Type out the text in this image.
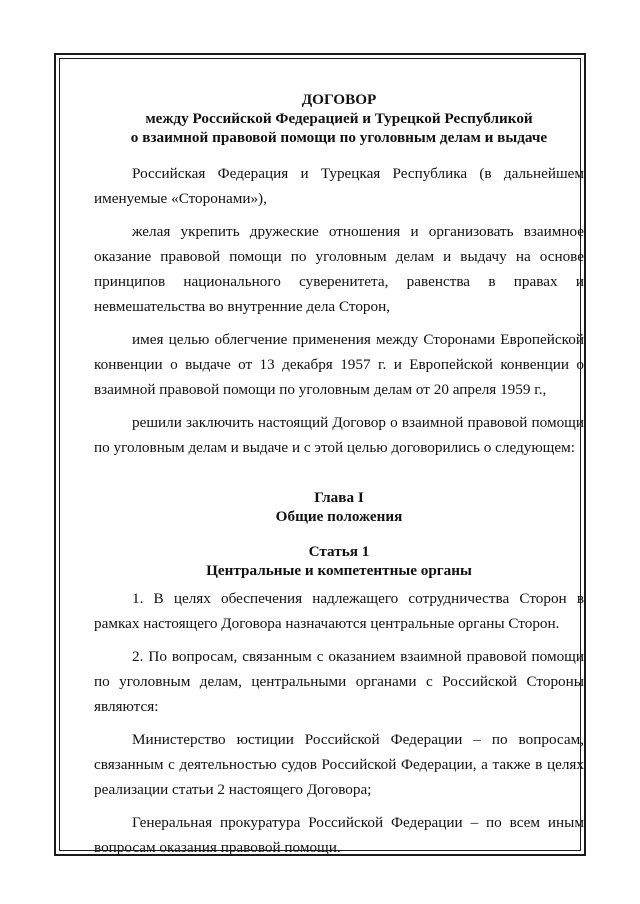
ДОГОВОР
между Российской Федерацией и Турецкой Республикой
о взаимной правовой помощи по уголовным делам и выдаче

Российская Федерация и Турецкая Республика (в дальнейшем именуемые «Сторонами»),

желая укрепить дружеские отношения и организовать взаимное оказание правовой помощи по уголовным делам и выдачу на основе принципов национального суверенитета, равенства в правах и невмешательства во внутренние дела Сторон,

имея целью облегчение применения между Сторонами Европейской конвенции о выдаче от 13 декабря 1957 г. и Европейской конвенции о взаимной правовой помощи по уголовным делам от 20 апреля 1959 г.,

решили заключить настоящий Договор о взаимной правовой помощи по уголовным делам и выдаче и с этой целью договорились о следующем:

Глава I
Общие положения
Статья 1
Центральные и компетентные органы

1. В целях обеспечения надлежащего сотрудничества Сторон в рамках настоящего Договора назначаются центральные органы Сторон.

2. По вопросам, связанным с оказанием взаимной правовой помощи по уголовным делам, центральными органами с Российской Стороны являются:

Министерство юстиции Российской Федерации – по вопросам, связанным с деятельностью судов Российской Федерации, а также в целях реализации статьи 2 настоящего Договора;

Генеральная прокуратура Российской Федерации – по всем иным вопросам оказания правовой помощи.
